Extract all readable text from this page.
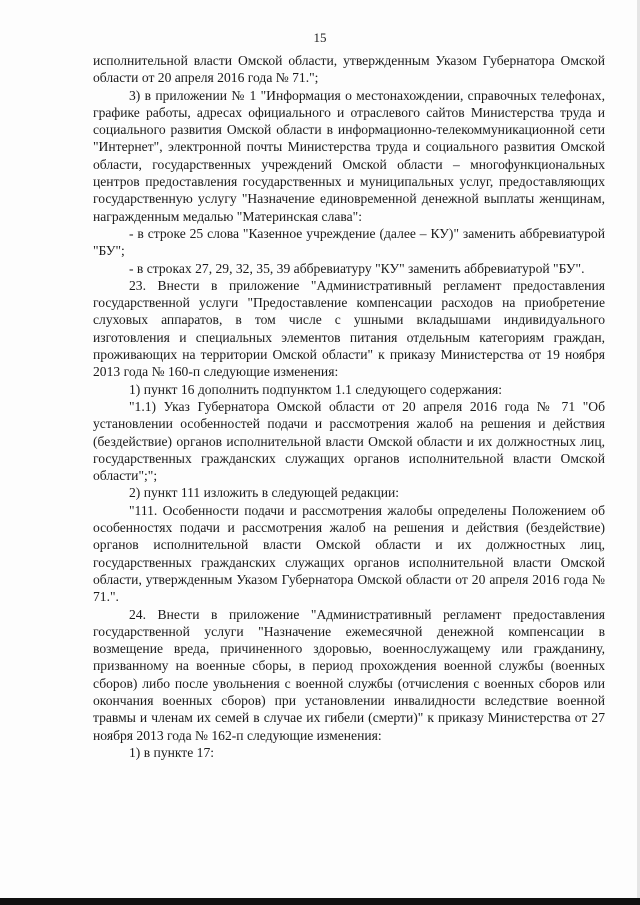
15

исполнительной власти Омской области, утвержденным Указом Губернатора Омской области от 20 апреля 2016 года № 71.";

3) в приложении № 1 "Информация о местонахождении, справочных телефонах, графике работы, адресах официального и отраслевого сайтов Министерства труда и социального развития Омской области в информационно-телекоммуникационной сети "Интернет", электронной почты Министерства труда и социального развития Омской области, государственных учреждений Омской области – многофункциональных центров предоставления государственных и муниципальных услуг, предоставляющих государственную услугу "Назначение единовременной денежной выплаты женщинам, награжденным медалью "Материнская слава":

- в строке 25 слова "Казенное учреждение (далее – КУ)" заменить аббревиатурой "БУ";

- в строках 27, 29, 32, 35, 39 аббревиатуру "КУ" заменить аббревиатурой "БУ".

23. Внести в приложение "Административный регламент предоставления государственной услуги "Предоставление компенсации расходов на приобретение слуховых аппаратов, в том числе с ушными вкладышами индивидуального изготовления и специальных элементов питания отдельным категориям граждан, проживающих на территории Омской области" к приказу Министерства от 19 ноября 2013 года № 160-п следующие изменения:

1) пункт 16 дополнить подпунктом 1.1 следующего содержания:

"1.1) Указ Губернатора Омской области от 20 апреля 2016 года № 71 "Об установлении особенностей подачи и рассмотрения жалоб на решения и действия (бездействие) органов исполнительной власти Омской области и их должностных лиц, государственных гражданских служащих органов исполнительной власти Омской области";";

2) пункт 111 изложить в следующей редакции:

"111. Особенности подачи и рассмотрения жалобы определены Положением об особенностях подачи и рассмотрения жалоб на решения и действия (бездействие) органов исполнительной власти Омской области и их должностных лиц, государственных гражданских служащих органов исполнительной власти Омской области, утвержденным Указом Губернатора Омской области от 20 апреля 2016 года № 71.".

24. Внести в приложение "Административный регламент предоставления государственной услуги "Назначение ежемесячной денежной компенсации в возмещение вреда, причиненного здоровью, военнослужащему или гражданину, призванному на военные сборы, в период прохождения военной службы (военных сборов) либо после увольнения с военной службы (отчисления с военных сборов или окончания военных сборов) при установлении инвалидности вследствие военной травмы и членам их семей в случае их гибели (смерти)" к приказу Министерства от 27 ноября 2013 года № 162-п следующие изменения:

1) в пункте 17:
